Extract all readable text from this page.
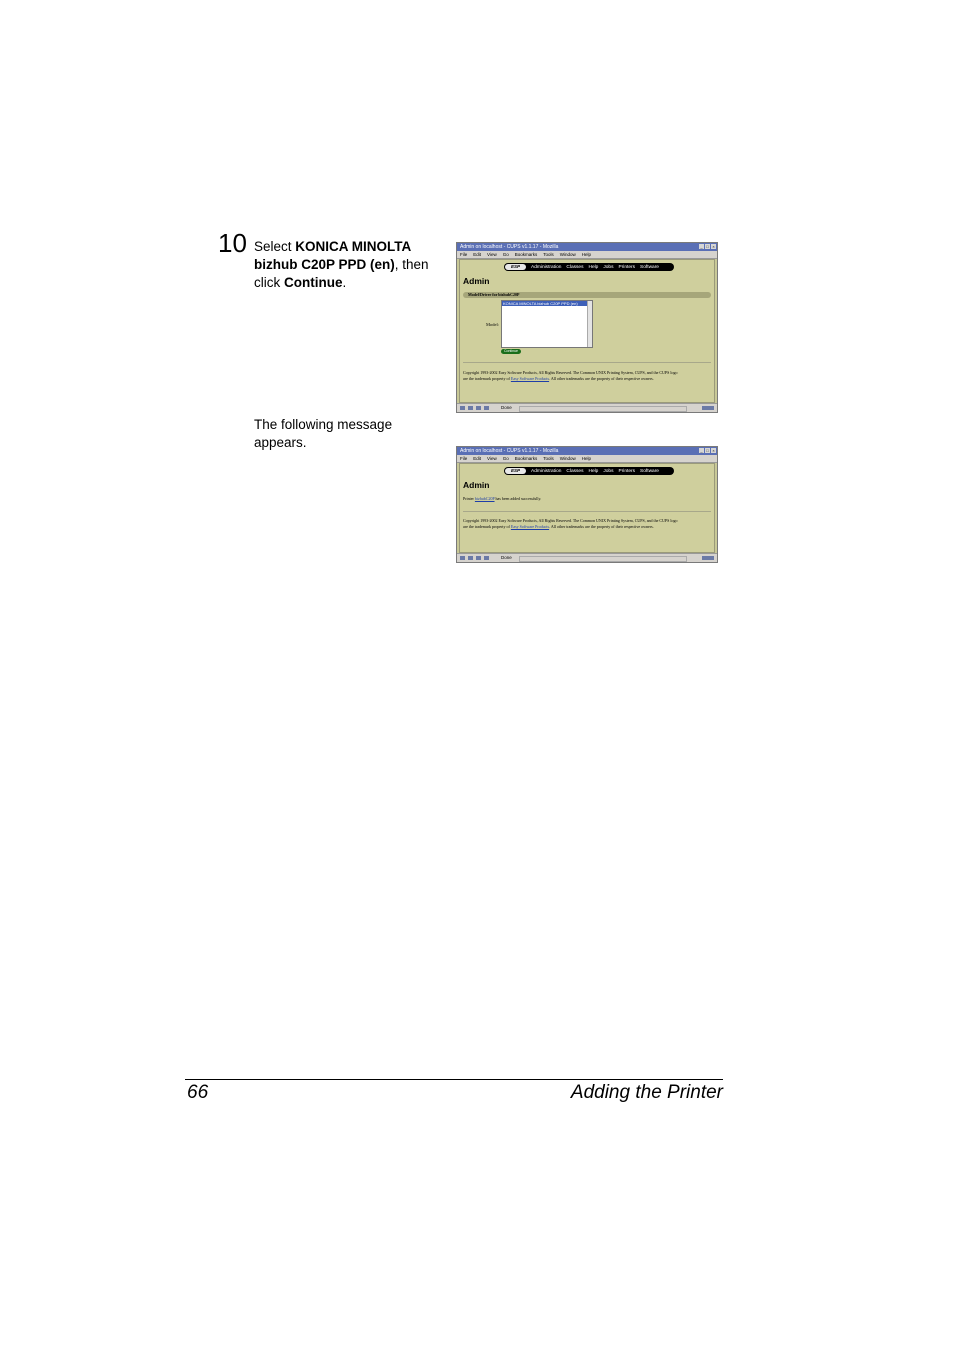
10 Select KONICA MINOLTA bizhub C20P PPD (en), then click Continue.
Admin on localhost - CUPS v1.1.17 - Mozilla	_ □ ×
File Edit View Go Bookmarks Tools Window Help
ESP	Administration Classes Help Jobs Printers Software
Admin
Model/Driver for bizhubC20P
Model:
KONICA MINOLTA bizhub C20P PPD (en)
Continue
Copyright 1993-2002 Easy Software Products, All Rights Reserved. The Common UNIX Printing System, CUPS, and the CUPS logo
are the trademark property of Easy Software Products. All other trademarks are the property of their respective owners.
Done
The following message appears.
Admin on localhost - CUPS v1.1.17 - Mozilla	_ □ ×
File Edit View Go Bookmarks Tools Window Help
ESP	Administration Classes Help Jobs Printers Software
Admin
Printer bizhubC20P has been added successfully.
Copyright 1993-2002 Easy Software Products, All Rights Reserved. The Common UNIX Printing System, CUPS, and the CUPS logo
are the trademark property of Easy Software Products. All other trademarks are the property of their respective owners.
Done
66	Adding the Printer
